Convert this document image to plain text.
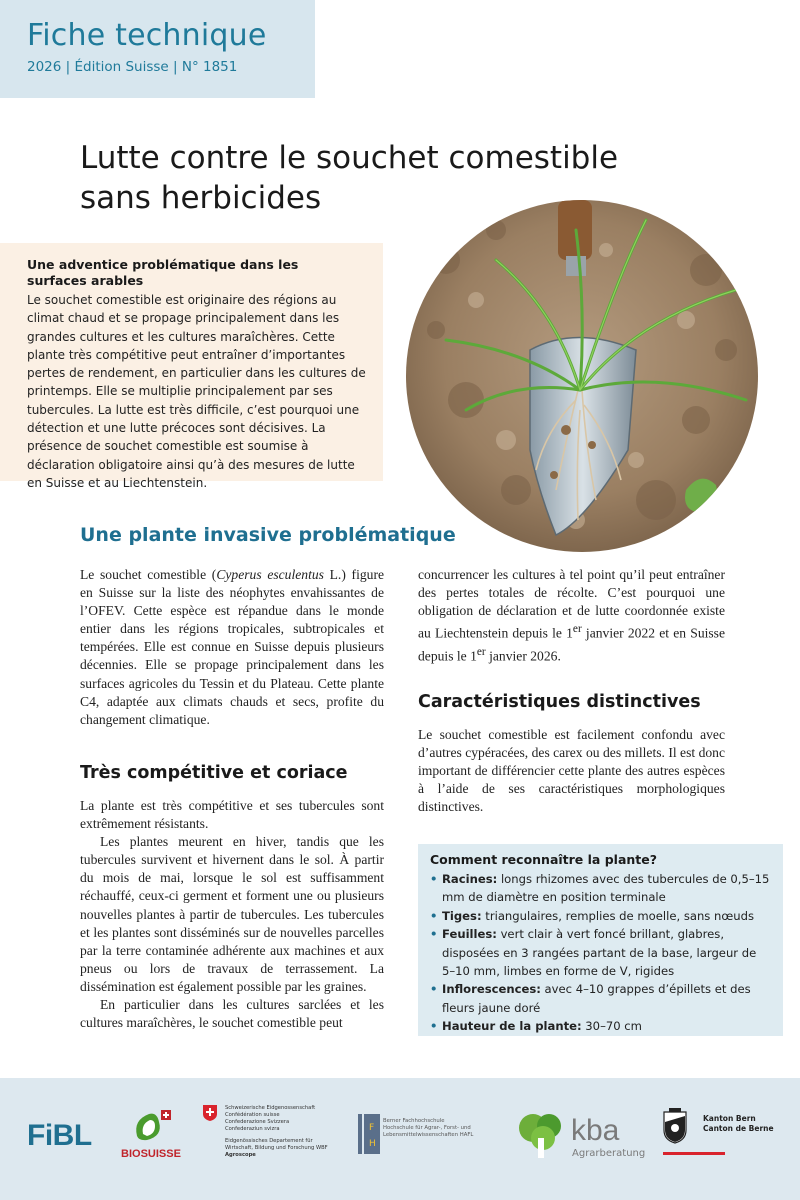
Fiche technique
2026 | Édition Suisse | N° 1851
Lutte contre le souchet comestible
sans herbicides
Une adventice problématique dans les surfaces arables
Le souchet comestible est originaire des régions au climat chaud et se propage principalement dans les grandes cultures et les cultures maraîchères. Cette plante très compétitive peut entraîner d’importantes pertes de rendement, en particulier dans les cultures de printemps. Elle se multiplie principalement par ses tubercules. La lutte est très difficile, c’est pourquoi une détection et une lutte précoces sont décisives. La présence de souchet comestible est soumise à déclaration obligatoire ainsi qu’à des mesures de lutte en Suisse et au Liechtenstein.
Une plante invasive problématique

Le souchet comestible (Cyperus esculentus L.) figure en Suisse sur la liste des néophytes envahissantes de l’OFEV. Cette espèce est répandue dans le monde entier dans les régions tropicales, subtropicales et tempérées. Elle est connue en Suisse depuis plusieurs décennies. Elle se propage principalement dans les surfaces agricoles du Tessin et du Plateau. Cette plante C4, adaptée aux climats chauds et secs, profite du changement climatique.

concurrencer les cultures à tel point qu’il peut entraîner des pertes totales de récolte. C’est pourquoi une obligation de déclaration et de lutte coordonnée existe au Liechtenstein depuis le 1er janvier 2022 et en Suisse depuis le 1er janvier 2026.

Très compétitive et coriace

La plante est très compétitive et ses tubercules sont extrêmement résistants.

Les plantes meurent en hiver, tandis que les tubercules survivent et hivernent dans le sol. À partir du mois de mai, lorsque le sol est suffisamment réchauffé, ceux-ci germent et forment une ou plusieurs nouvelles plantes à partir de tubercules. Les tubercules et les plantes sont disséminés sur de nouvelles parcelles par la terre contaminée adhérente aux machines et aux pneus ou lors de travaux de terrassement. La dissémination est également possible par les graines.

En particulier dans les cultures sarclées et les cultures maraîchères, le souchet comestible peut

Caractéristiques distinctives

Le souchet comestible est facilement confondu avec d’autres cypéracées, des carex ou des millets. Il est donc important de différencier cette plante des autres espèces à l’aide de ses caractéristiques morphologiques distinctives.

Comment reconnaître la plante?
• Racines: longs rhizomes avec des tubercules de 0,5–15 mm de diamètre en position terminale
• Tiges: triangulaires, remplies de moelle, sans nœuds
• Feuilles: vert clair à vert foncé brillant, glabres, disposées en 3 rangées partant de la base, largeur de 5–10 mm, limbes en forme de V, rigides
• Inflorescences: avec 4–10 grappes d’épillets et des fleurs jaune doré
• Hauteur de la plante: 30–70 cm
FiBL
BIOSUISSE
Schweizerische Eidgenossenschaft
Confédération suisse
Confederazione Svizzera
Confederaziun svizra
Eidgenössisches Departement für
Wirtschaft, Bildung und Forschung WBF
Agroscope
F
H
Berner Fachhochschule
Hochschule für Agrar-, Forst- und
Lebensmittelwissenschaften HAFL	kba
Agrarberatung
Kanton Bern
Canton de Berne
